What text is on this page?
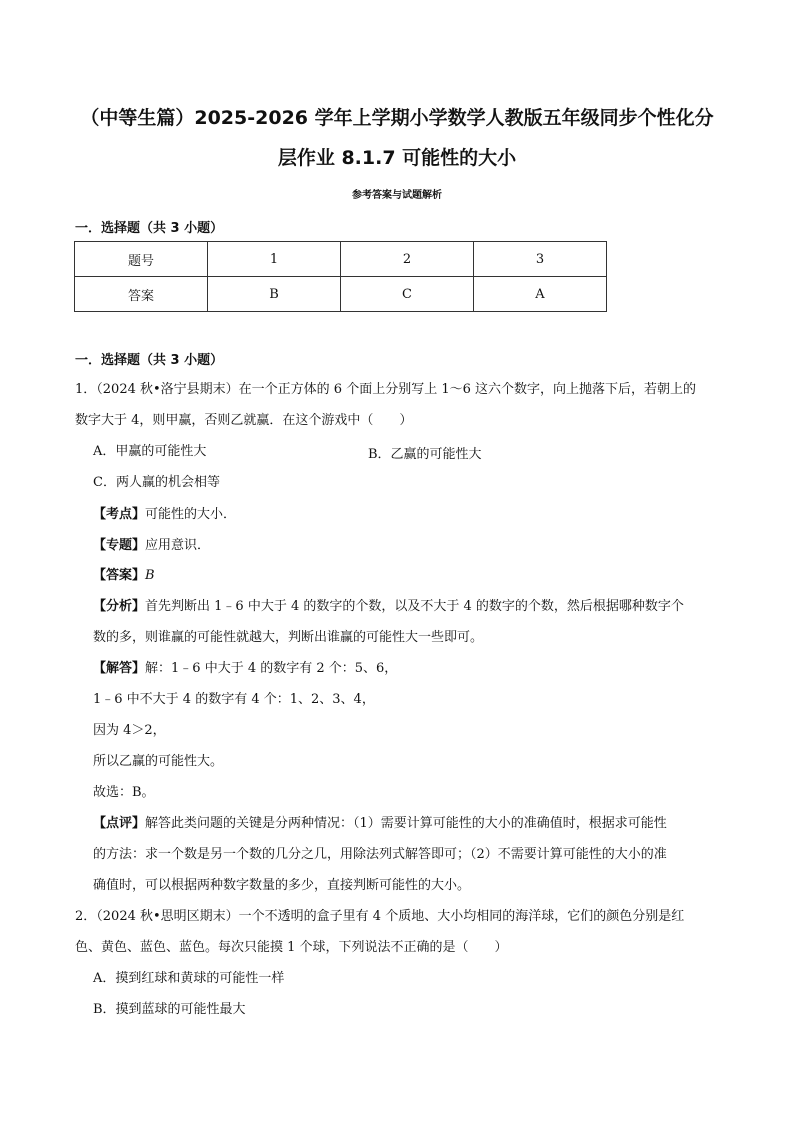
（中等生篇）2025-2026 学年上学期小学数学人教版五年级同步个性化分
层作业 8.1.7 可能性的大小
参考答案与试题解析
一．选择题（共 3 小题）
题号	1	2	3
答案	B	C	A
一．选择题（共 3 小题）
1．（2024 秋•洛宁县期末）在一个正方体的 6 个面上分别写上 1～6 这六个数字，向上抛落下后，若朝上的
数字大于 4，则甲赢，否则乙就赢．在这个游戏中（　　）
A．甲赢的可能性大	B．乙赢的可能性大
C．两人赢的机会相等
【考点】可能性的大小．
【专题】应用意识．
【答案】B
【分析】首先判断出 1﹣6 中大于 4 的数字的个数，以及不大于 4 的数字的个数，然后根据哪种数字个
数的多，则谁赢的可能性就越大，判断出谁赢的可能性大一些即可。
【解答】解：1﹣6 中大于 4 的数字有 2 个：5、6，
1﹣6 中不大于 4 的数字有 4 个：1、2、3、4，
因为 4＞2，
所以乙赢的可能性大。
故选：B。
【点评】解答此类问题的关键是分两种情况：（1）需要计算可能性的大小的准确值时，根据求可能性
的方法：求一个数是另一个数的几分之几，用除法列式解答即可；（2）不需要计算可能性的大小的准
确值时，可以根据两种数字数量的多少，直接判断可能性的大小。
2．（2024 秋•思明区期末）一个不透明的盒子里有 4 个质地、大小均相同的海洋球，它们的颜色分别是红
色、黄色、蓝色、蓝色。每次只能摸 1 个球，下列说法不正确的是（　　）
A．摸到红球和黄球的可能性一样
B．摸到蓝球的可能性最大
